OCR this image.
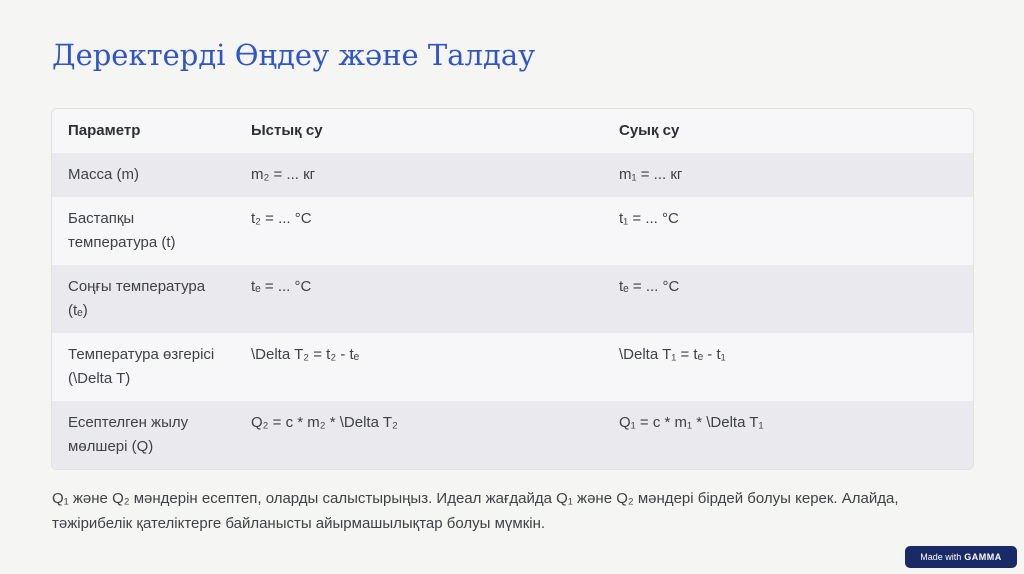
Деректерді Өңдеу және Талдау
Параметр	Ыстық су	Суық су
Масса (m)	m₂ = ... кг	m₁ = ... кг
Бастапқы температура (t)	t₂ = ... °C	t₁ = ... °C
Соңғы температура (tₑ)	tₑ = ... °C	tₑ = ... °C
Температура өзгерісі (\Delta T)	\Delta T₂ = t₂ - tₑ	\Delta T₁ = tₑ - t₁
Есептелген жылу мөлшері (Q)	Q₂ = c * m₂ * \Delta T₂	Q₁ = c * m₁ * \Delta T₁

Q₁ және Q₂ мәндерін есептеп, оларды салыстырыңыз. Идеал жағдайда Q₁ және Q₂ мәндері бірдей болуы керек. Алайда, тәжірибелік қателіктерге байланысты айырмашылықтар болуы мүмкін.

Made with GAMMA
